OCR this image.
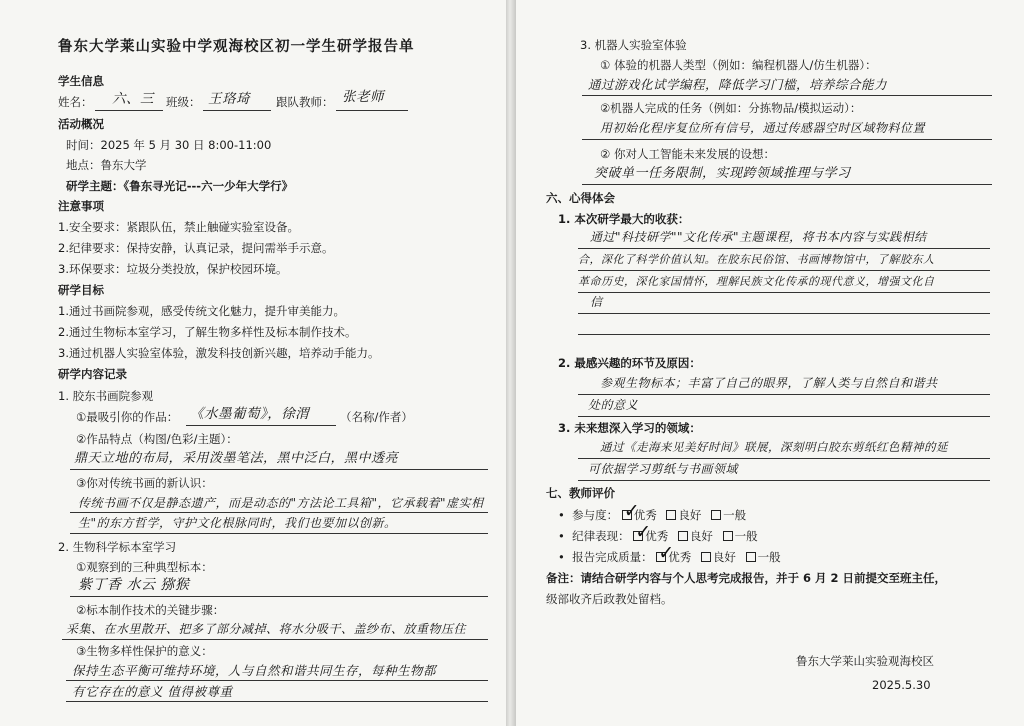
鲁东大学莱山实验中学观海校区初一学生研学报告单
学生信息
姓名： 六、三 班级： 王珞琦 跟队教师： 张老师
活动概况
时间：2025 年 5 月 30 日 8:00-11:00
地点：鲁东大学
研学主题：《鲁东寻光记---六一少年大学行》
注意事项
1.安全要求：紧跟队伍，禁止触碰实验室设备。
2.纪律要求：保持安静，认真记录，提问需举手示意。
3.环保要求：垃圾分类投放，保护校园环境。
研学目标
1.通过书画院参观，感受传统文化魅力，提升审美能力。
2.通过生物标本室学习，了解生物多样性及标本制作技术。
3.通过机器人实验室体验，激发科技创新兴趣，培养动手能力。
研学内容记录
1. 胶东书画院参观
①最吸引你的作品： 《水墨葡萄》，徐渭	（名称/作者）
②作品特点（构图/色彩/主题）：
鼎天立地的布局，采用泼墨笔法，黑中泛白，黑中透亮
③你对传统书画的新认识：
传统书画不仅是静态遗产，而是动态的"方法论工具箱"，它承载着"虚实相
生"的东方哲学，守护文化根脉同时，我们也要加以创新。
2. 生物科学标本室学习
①观察到的三种典型标本：
紫丁香 水云 猕猴
②标本制作技术的关键步骤：
采集、在水里散开、把多了部分减掉、将水分吸干、盖纱布、放重物压住
③生物多样性保护的意义：
保持生态平衡可维持环境，人与自然和谐共同生存，每种生物都
有它存在的意义 值得被尊重
3. 机器人实验室体验
① 体验的机器人类型（例如：编程机器人/仿生机器）：
通过游戏化试学编程，降低学习门槛，培养综合能力
②机器人完成的任务（例如：分拣物品/模拟运动）：
用初始化程序复位所有信号，通过传感器空时区域物料位置
② 你对人工智能未来发展的设想：
突破单一任务限制，实现跨领域推理与学习
六、心得体会
1. 本次研学最大的收获：
通过"科技研学""文化传承"主题课程，将书本内容与实践相结
合，深化了科学价值认知。在胶东民俗馆、书画博物馆中，了解胶东人
革命历史，深化家国情怀，理解民族文化传承的现代意义，增强文化自
信
2. 最感兴趣的环节及原因：
参观生物标本；丰富了自己的眼界，了解人类与自然自和谐共
处的意义
3. 未来想深入学习的领域：
通过《走海来见美好时间》联展，深刻明白胶东剪纸红色精神的延
可依据学习剪纸与书画领域
七、教师评价
•  参与度： ✓
优秀 良好 一般
•  纪律表现： ✓
优秀 良好 一般
•  报告完成质量： ✓
优秀 良好 一般
备注：请结合研学内容与个人思考完成报告，并于 6 月 2 日前提交至班主任，
级部收齐后政教处留档。
鲁东大学莱山实验观海校区
2025.5.30
